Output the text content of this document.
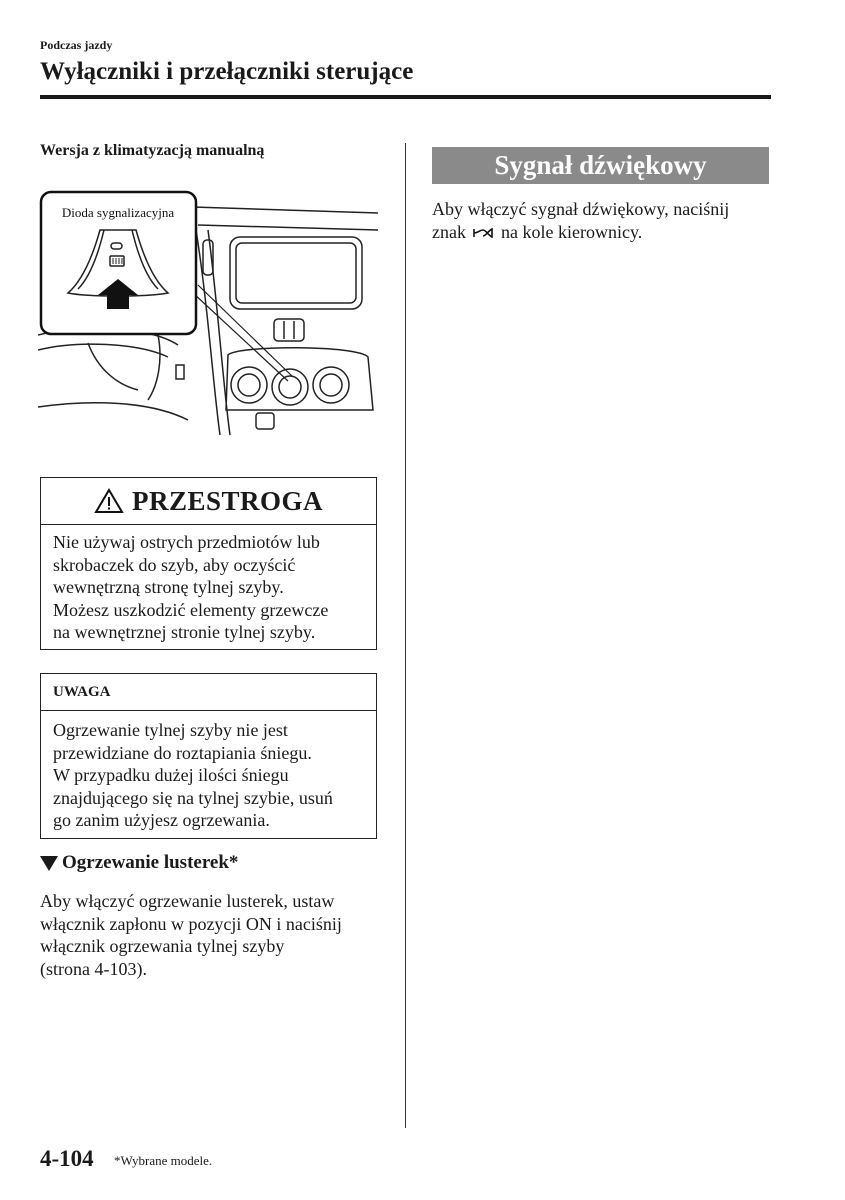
Podczas jazdy
Wyłączniki i przełączniki sterujące
Wersja z klimatyzacją manualną
Dioda sygnalizacyjna
PRZESTROGA
Nie używaj ostrych przedmiotów lub
skrobaczek do szyb, aby oczyścić
wewnętrzną stronę tylnej szyby.
Możesz uszkodzić elementy grzewcze
na wewnętrznej stronie tylnej szyby.
UWAGA
Ogrzewanie tylnej szyby nie jest
przewidziane do roztapiania śniegu.
W przypadku dużej ilości śniegu
znajdującego się na tylnej szybie, usuń
go zanim użyjesz ogrzewania.
Ogrzewanie lusterek*
Aby włączyć ogrzewanie lusterek, ustaw
włącznik zapłonu w pozycji ON i naciśnij
włącznik ogrzewania tylnej szyby
(strona 4-103).
Sygnał dźwiękowy
Aby włączyć sygnał dźwiękowy, naciśnij
znak na kole kierownicy.
4-104 *Wybrane modele.
